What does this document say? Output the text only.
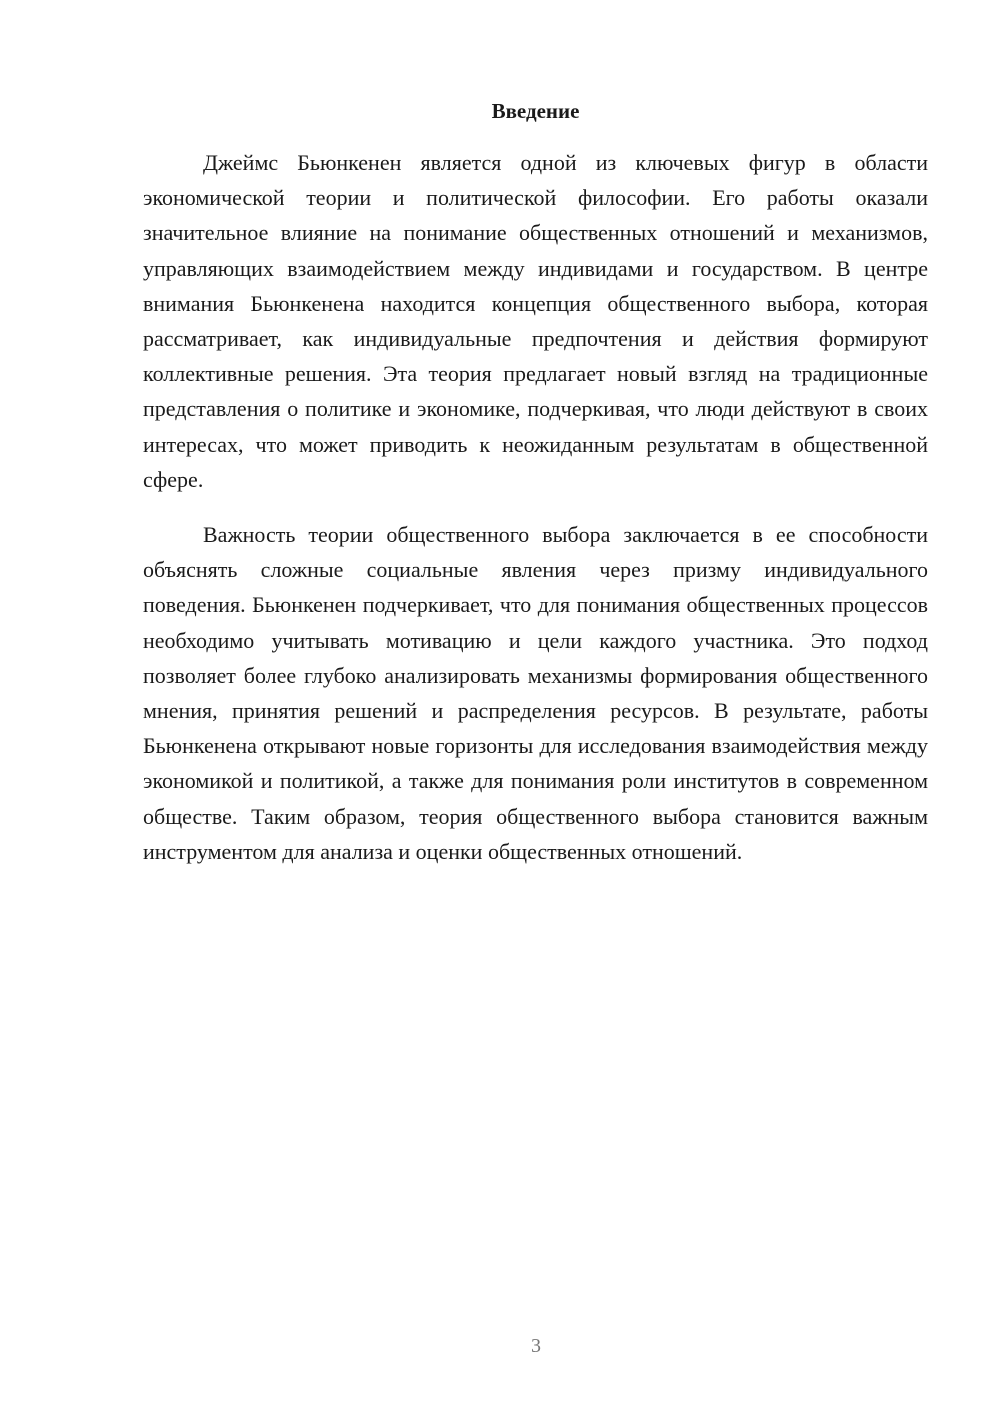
Введение

Джеймс Бьюнкенен является одной из ключевых фигур в области экономической теории и политической философии. Его работы оказали значительное влияние на понимание общественных отношений и механизмов, управляющих взаимодействием между индивидами и государством. В центре внимания Бьюнкенена находится концепция общественного выбора, которая рассматривает, как индивидуальные предпочтения и действия формируют коллективные решения. Эта теория предлагает новый взгляд на традиционные представления о политике и экономике, подчеркивая, что люди действуют в своих интересах, что может приводить к неожиданным результатам в общественной сфере.

Важность теории общественного выбора заключается в ее способности объяснять сложные социальные явления через призму индивидуального поведения. Бьюнкенен подчеркивает, что для понимания общественных процессов необходимо учитывать мотивацию и цели каждого участника. Это подход позволяет более глубоко анализировать механизмы формирования общественного мнения, принятия решений и распределения ресурсов. В результате, работы Бьюнкенена открывают новые горизонты для исследования взаимодействия между экономикой и политикой, а также для понимания роли институтов в современном обществе. Таким образом, теория общественного выбора становится важным инструментом для анализа и оценки общественных отношений.

3
